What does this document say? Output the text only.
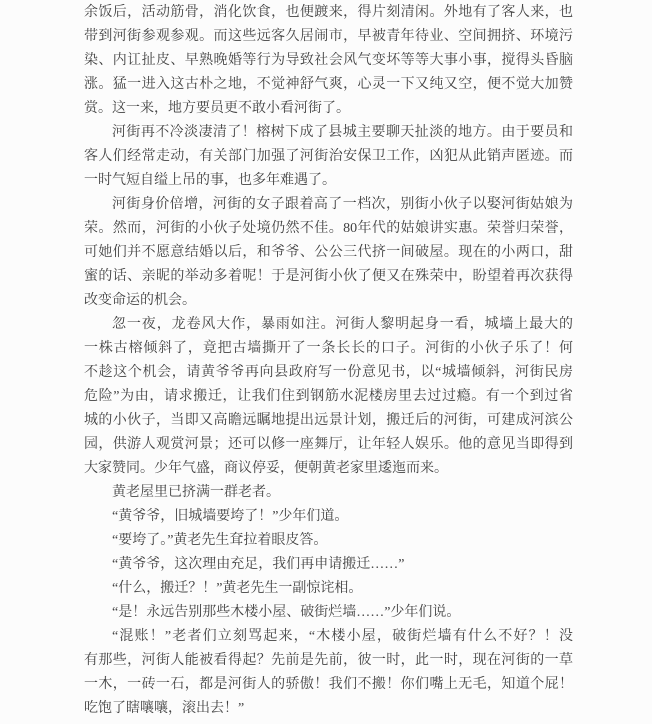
余饭后，活动筋骨，消化饮食，也便踱来，得片刻清闲。外地有了客人来，也
带到河街参观参观。而这些远客久居闹市，早被青年待业、空间拥挤、环境污
染、内讧扯皮、早熟晚婚等行为导致社会风气变坏等等大事小事，搅得头昏脑
涨。猛一进入这古朴之地，不觉神舒气爽，心灵一下又纯又空，便不觉大加赞
赏。这一来，地方要员更不敢小看河街了。
河街再不冷淡凄清了！榕树下成了县城主要聊天扯淡的地方。由于要员和
客人们经常走动，有关部门加强了河街治安保卫工作，凶犯从此销声匿迹。而
一时气短自缢上吊的事，也多年难遇了。
河街身价倍增，河街的女子跟着高了一档次，别街小伙子以娶河街姑娘为
荣。然而，河街的小伙子处境仍然不佳。80年代的姑娘讲实惠。荣誉归荣誉，
可她们并不愿意结婚以后，和爷爷、公公三代挤一间破屋。现在的小两口，甜
蜜的话、亲昵的举动多着呢！于是河街小伙了便又在殊荣中，盼望着再次获得
改变命运的机会。
忽一夜，龙卷风大作，暴雨如注。河街人黎明起身一看，城墙上最大的
一株古榕倾斜了，竟把古墙撕开了一条长长的口子。河街的小伙子乐了！何
不趁这个机会，请黄爷爷再向县政府写一份意见书，以“城墙倾斜，河街民房
危险”为由，请求搬迁，让我们住到钢筋水泥楼房里去过过瘾。有一个到过省
城的小伙子，当即又高瞻远瞩地提出远景计划，搬迁后的河街，可建成河滨公
园，供游人观赏河景；还可以修一座舞厅，让年轻人娱乐。他的意见当即得到
大家赞同。少年气盛，商议停妥，便朝黄老家里逶迤而来。
黄老屋里已挤满一群老者。
“黄爷爷，旧城墙要垮了！”少年们道。
“要垮了。”黄老先生耷拉着眼皮答。
“黄爷爷，这次理由充足，我们再申请搬迁……”
“什么，搬迁？！”黄老先生一副惊诧相。
“是！永远告别那些木楼小屋、破街烂墙……”少年们说。
“混账！”老者们立刻骂起来，“木楼小屋，破街烂墙有什么不好？！没
有那些，河街人能被看得起？先前是先前，彼一时，此一时，现在河街的一草
一木，一砖一石，都是河街人的骄傲！我们不搬！你们嘴上无毛，知道个屁！
吃饱了瞎嚷嚷，滚出去！”
